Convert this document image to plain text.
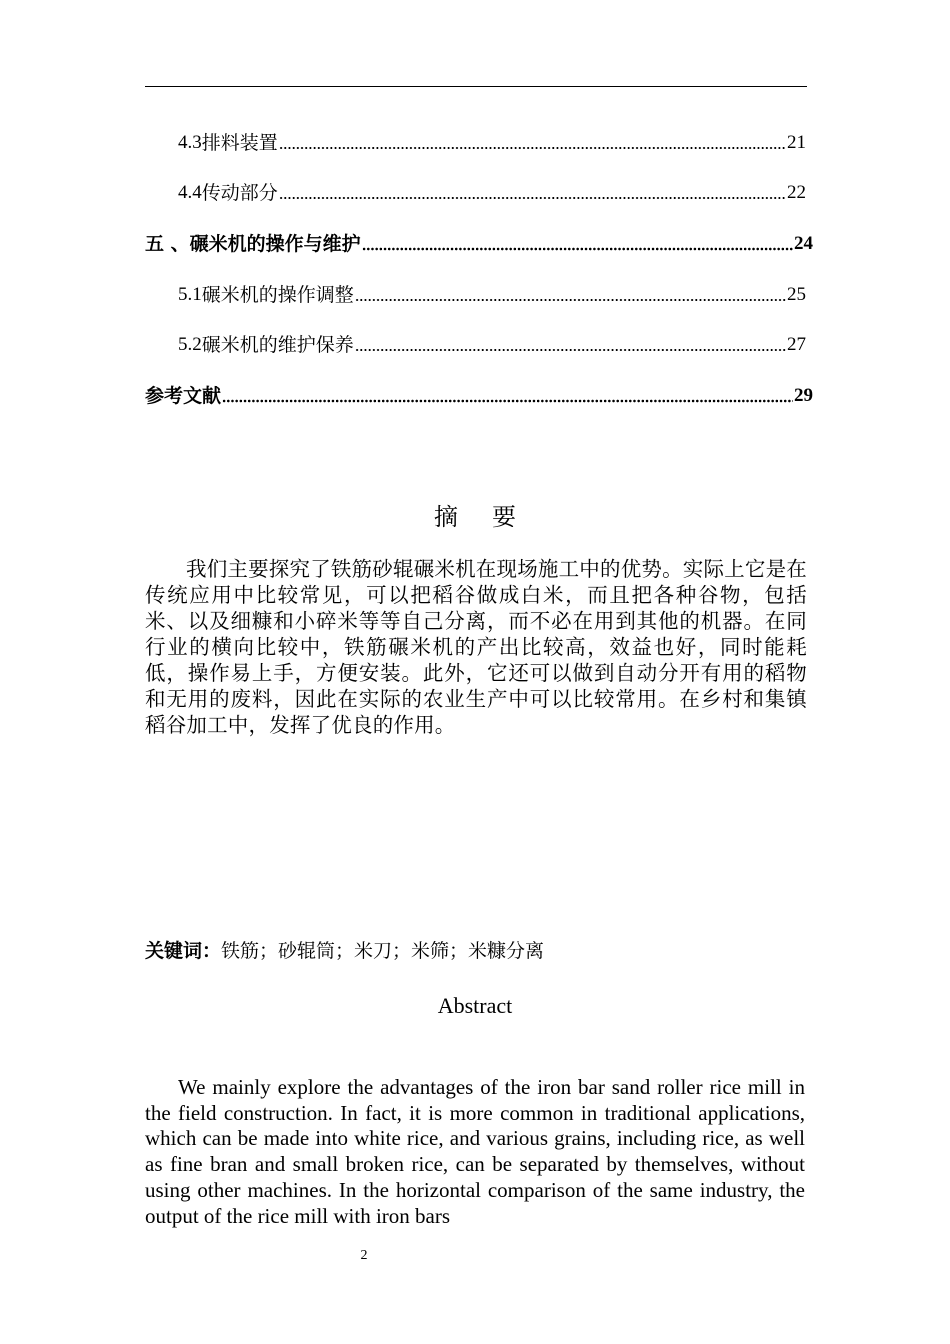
4.3 排料装置	21
4.4 传动部分	22
五 、碾米机的操作与维护	24
5.1 碾米机的操作调整	25
5.2 碾米机的维护保养	27
参考文献	29
摘要
我们主要探究了铁筋砂辊碾米机在现场施工中的优势。实际上它是在传统应用中比较常见，可以把稻谷做成白米，而且把各种谷物，包括米、以及细糠和小碎米等等自己分离，而不必在用到其他的机器。在同行业的横向比较中，铁筋碾米机的产出比较高，效益也好，同时能耗低，操作易上手，方便安装。此外，它还可以做到自动分开有用的稻物和无用的废料，因此在实际的农业生产中可以比较常用。在乡村和集镇稻谷加工中，发挥了优良的作用。
关键词：铁筋；砂辊筒；米刀；米筛；米糠分离
Abstract
We mainly explore the advantages of the iron bar sand roller rice mill in the field construction. In fact, it is more common in traditional applications, which can be made into white rice, and various grains, including rice, as well as fine bran and small broken rice, can be separated by themselves, without using other machines. In the horizontal comparison of the same industry, the output of the rice mill with iron bars
2
